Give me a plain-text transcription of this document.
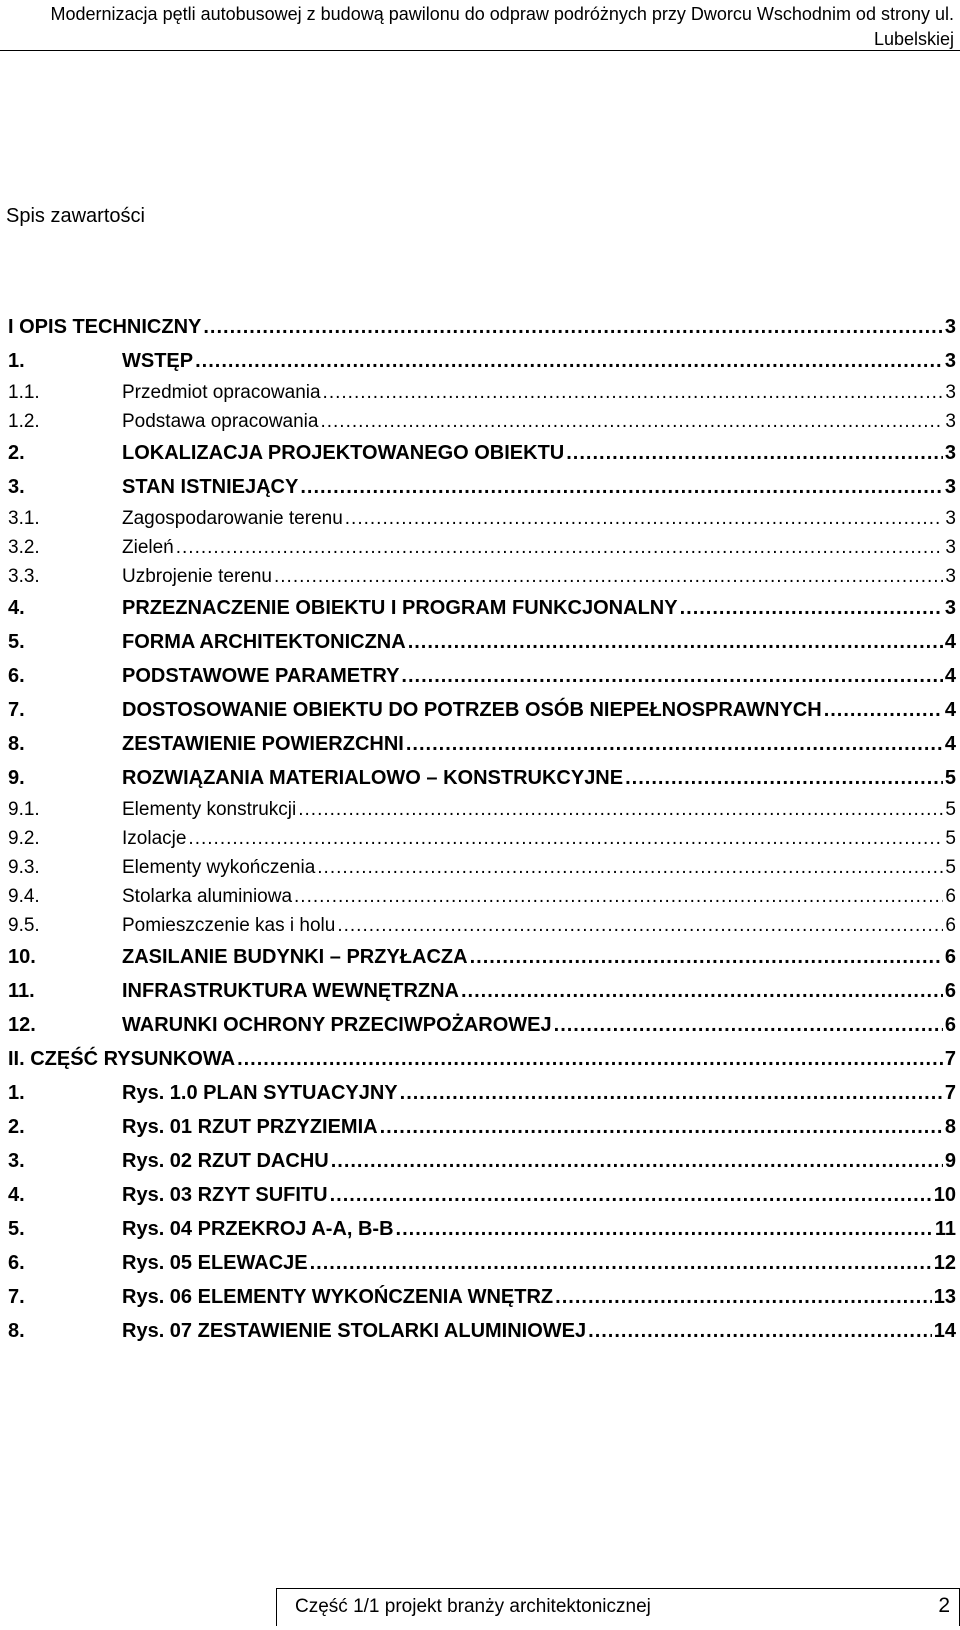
Modernizacja pętli autobusowej z budową pawilonu do odpraw podróżnych przy Dworcu Wschodnim od strony ul. Lubelskiej
Spis zawartości
I OPIS TECHNICZNY .....	3
1.	WSTĘP .....	3
1.1.	Przedmiot opracowania .....	3
1.2.	Podstawa opracowania .....	3
2.	LOKALIZACJA PROJEKTOWANEGO OBIEKTU .....	3
3.	STAN ISTNIEJĄCY .....	3
3.1.	Zagospodarowanie terenu .....	3
3.2.	Zieleń .....	3
3.3.	Uzbrojenie terenu .....	3
4.	PRZEZNACZENIE OBIEKTU I PROGRAM FUNKCJONALNY .....	3
5.	FORMA ARCHITEKTONICZNA .....	4
6.	PODSTAWOWE PARAMETRY .....	4
7.	DOSTOSOWANIE OBIEKTU DO POTRZEB OSÓB NIEPEŁNOSPRAWNYCH .....	4
8.	ZESTAWIENIE POWIERZCHNI .....	4
9.	ROZWIĄZANIA MATERIALOWO – KONSTRUKCYJNE .....	5
9.1.	Elementy konstrukcji .....	5
9.2.	Izolacje .....	5
9.3.	Elementy wykończenia .....	5
9.4.	Stolarka aluminiowa .....	6
9.5.	Pomieszczenie kas i holu .....	6
10.	ZASILANIE BUDYNKI – PRZYŁACZA .....	6
11.	INFRASTRUKTURA WEWNĘTRZNA .....	6
12.	WARUNKI OCHRONY PRZECIWPOŻAROWEJ .....	6
II. CZĘŚĆ RYSUNKOWA .....	7
1.	Rys. 1.0 PLAN SYTUACYJNY .....	7
2.	Rys. 01 RZUT PRZYZIEMIA .....	8
3.	Rys. 02 RZUT DACHU .....	9
4.	Rys. 03 RZYT SUFITU .....	10
5.	Rys. 04 PRZEKROJ A-A, B-B .....	11
6.	Rys. 05 ELEWACJE .....	12
7.	Rys. 06 ELEMENTY WYKOŃCZENIA WNĘTRZ .....	13
8.	Rys. 07 ZESTAWIENIE STOLARKI ALUMINIOWEJ .....	14
Część 1/1 projekt branży architektonicznej	2
